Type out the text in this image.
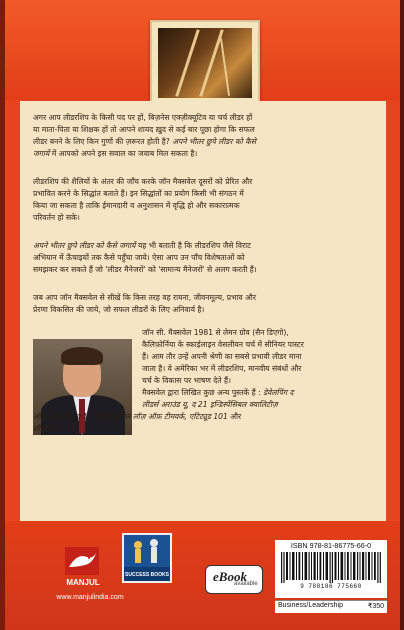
अगर आप लीडरशिप के किसी पद पर हों, बिज़नेस एक्ज़ीक्यूटिव या चर्च लीडर हों
या माता-पिता या शिक्षक हों तो आपने शायद ख़ुद से कई बार पूछा होगा कि सफल
लीडर बनने के लिए किन गुणों की ज़रूरत होती है? अपने भीतर छुपे लीडर को कैसे
जगायें में आपको अपने इस सवाल का जवाब मिल सकता है।
लीडरशिप की शैलियों के अंतर की जाँच करके जॉन मैक्सवेल दूसरों को प्रेरित और
प्रभावित करने के सिद्धांत बताते हैं। इन सिद्धांतों का प्रयोग किसी भी संगठन में
किया जा सकता है ताकि ईमानदारी व अनुशासन में वृद्धि हो और सकारात्मक
परिवर्तन हो सके।
अपने भीतर छुपे लीडर को कैसे जगायें यह भी बताती है कि लीडरशिप जैसे विराट
अभियान में ऊँचाइयों तक कैसे पहुँचा जाये। ऐसा आप उन पाँच विशेषताओं को
समझकर कर सकते हैं जो 'लीडर मैनेजरों' को 'सामान्य मैनेजरों' से अलग करती हैं।
जब आप जॉन मैक्सवेल से सीखें कि किस तरह वह रायना, जीवनमूल्य, प्रभाव और
प्रेरणा विकसित की जाये, जो सफल लीडरों के लिए अनिवार्य है।
जॉन सी. मैक्सवेल 1981 से लेमन ग्रोव (सैन डिएगो),
कैलिफ़ोर्निया के स्काईलाइन वेसलीयन चर्च में सीनियर पास्टर
हैं। आम तौर उन्हें अपनी श्रेणी का सबसे प्रभावी लीडर माना
जाता है। वे अमेरिका भर में लीडरशिप, मानवीय संबंधों और
चर्च के विकास पर भाषण देते हैं।
मैक्सवेल द्वारा लिखित कुछ अन्य पुस्तकें हैं : डेवेलपिंग द
लीडर्स अराउंड यू, द 21 इन्डिस्पेंसिबल क्वालिटीज़
ऑफ़ अ लीडर, द 17 इन्डिस्प्यूटेबल लॉज़ ऑफ़ टीमवर्क, एटिट्यूड 101 और
लीडरशिप 101
MANJUL
www.manjulindia.com
SUCCESS BOOKS	eBook
available
ISBN 978-81-86775-66-0
9 788186 775660
Business/Leadership	₹350
